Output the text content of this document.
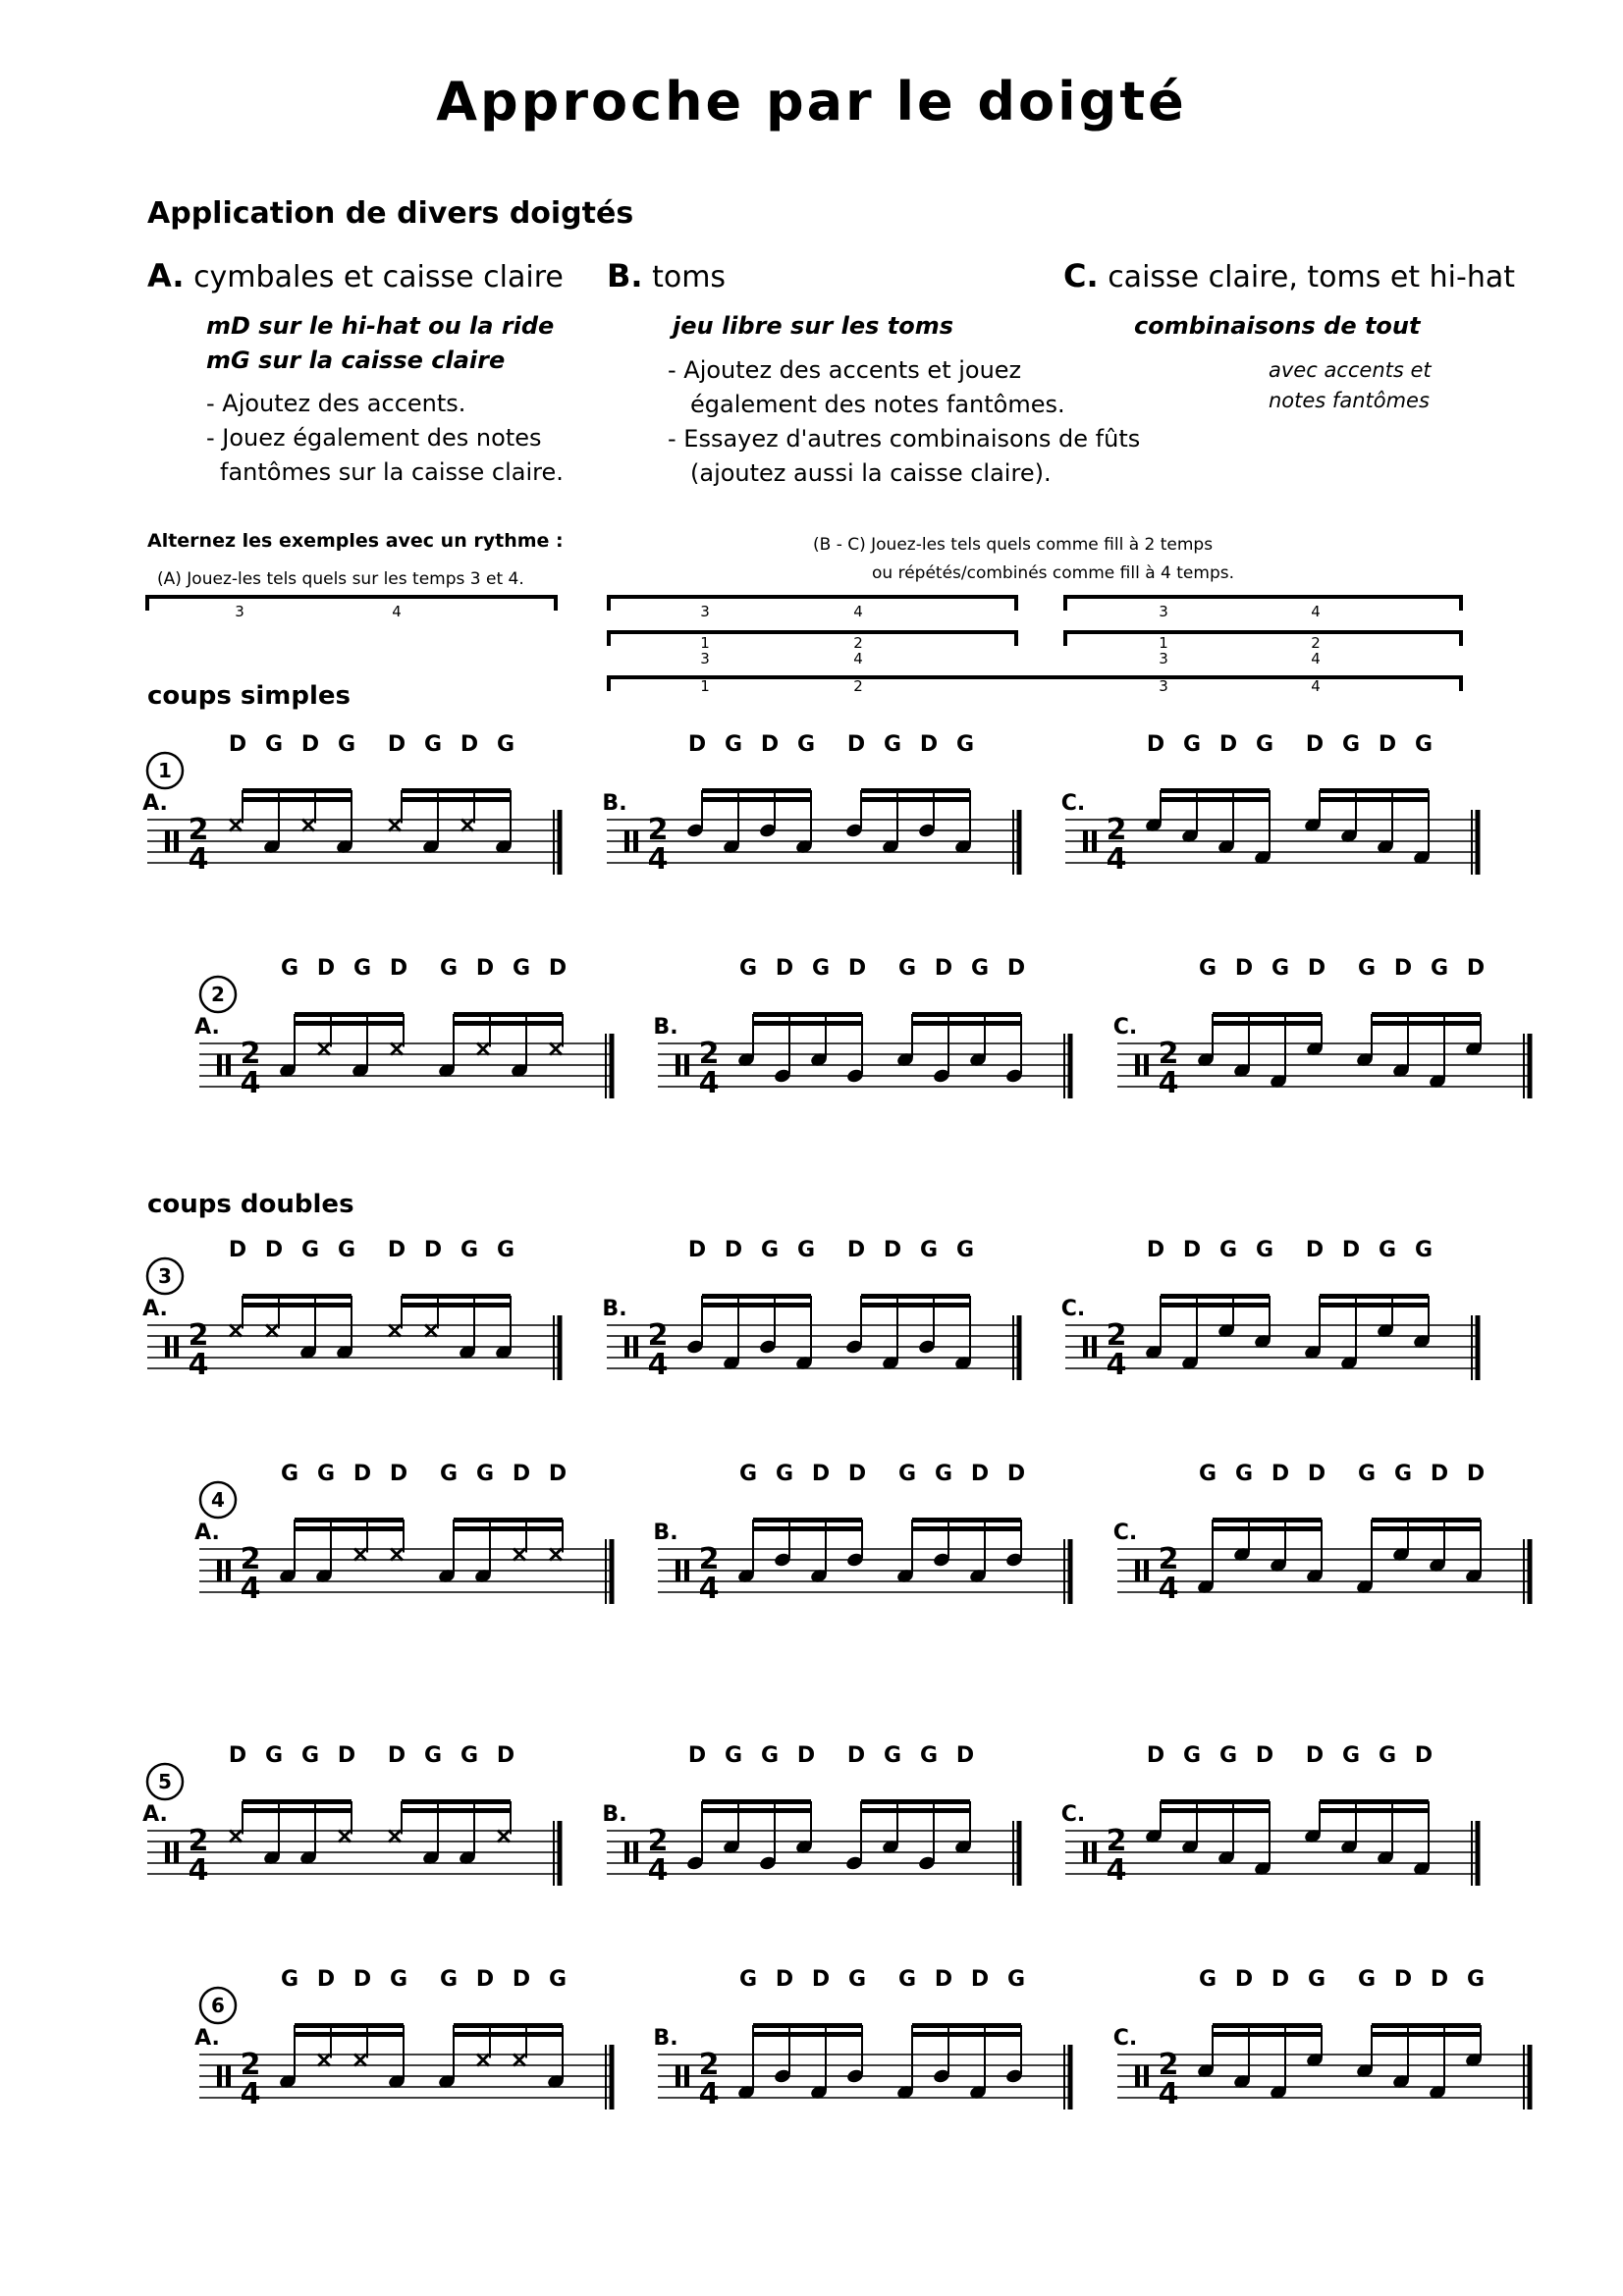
Approche par le doigté
Application de divers doigtés
A. cymbales et caisse claire B. toms	C. caisse claire, toms et hi-hat
mD sur le hi-hat ou la ride
mG sur la caisse claire
- Ajoutez des accents.
- Jouez également des notes
fantômes sur la caisse claire.
jeu libre sur les toms
- Ajoutez des accents et jouez
également des notes fantômes.
- Essayez d'autres combinaisons de fûts
(ajoutez aussi la caisse claire).
combinaisons de tout
avec accents et
notes fantômes
Alternez les exemples avec un rythme :
(A) Jouez-les tels quels sur les temps 3 et 4.
(B - C) Jouez-les tels quels comme fill à 2 temps
ou répétés/combinés comme fill à 4 temps.
3	4	3	4	3	4
1
3
2
4
1
3
2
4
1	2	3	4
coups simples
coups doubles
1
2
4
A.
D G D G D G D G
2
4
B.
D G D G D G D G
2
4
C.
D G D G D G D G
2
2
4
A.
G D G D G D G D
2
4
B.
G D G D G D G D
2
4
C.
G D G D G D G D
3
2
4
A.
D D G G D D G G
2
4
B.
D D G G D D G G
2
4
C.
D D G G D D G G
4
2
4
A.
G G D D G G D D
2
4
B.
G G D D G G D D
2
4
C.
G G D D G G D D
5
2
4
A.
D G G D D G G D
2
4
B.
D G G D D G G D
2
4
C.
D G G D D G G D
6
2
4
A.
G D D G G D D G
2
4
B.
G D D G G D D G
2
4
C.
G D D G G D D G
